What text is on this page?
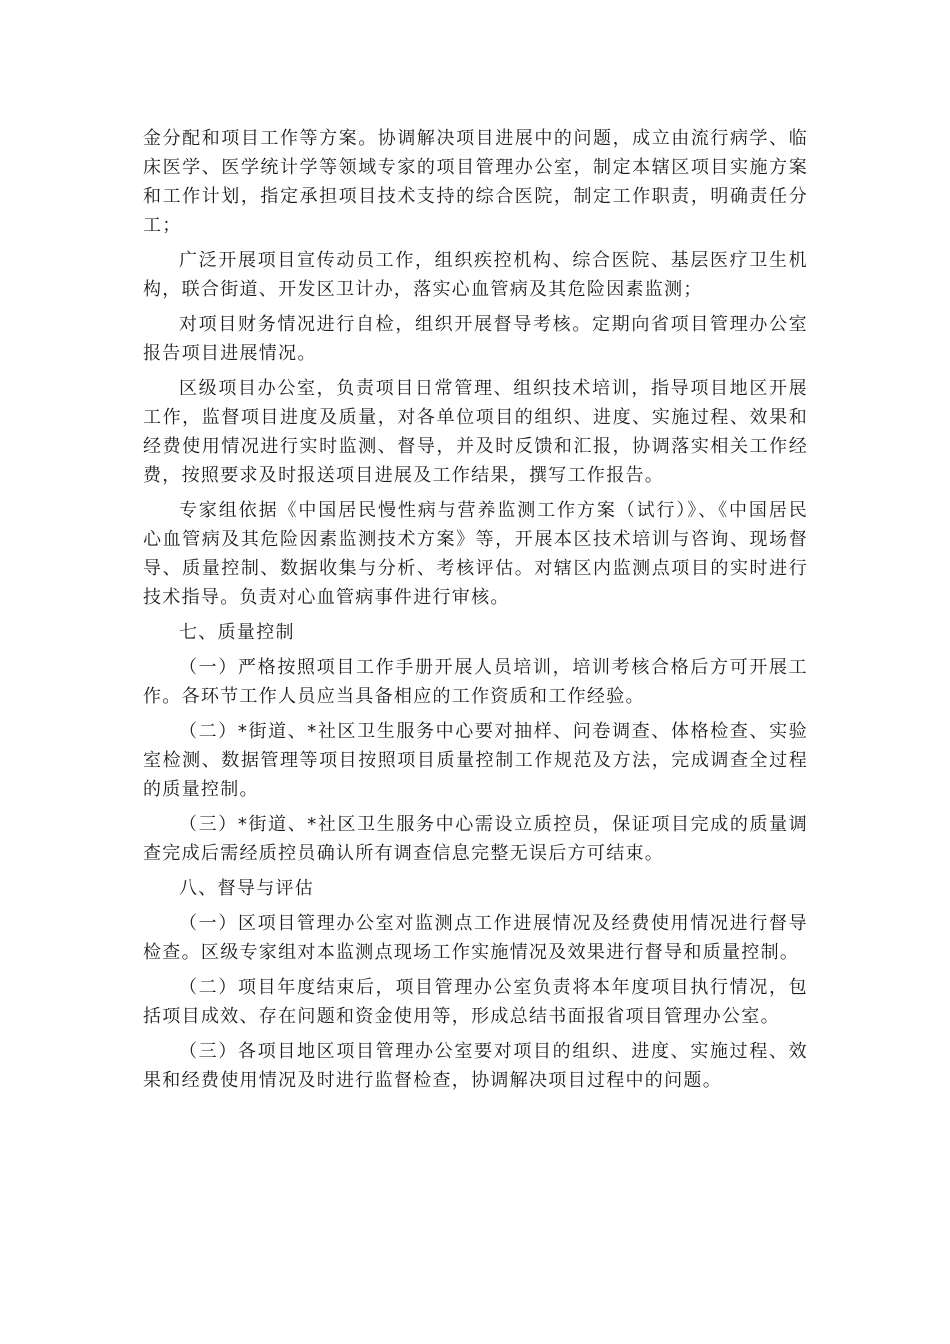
金分配和项目工作等方案。协调解决项目进展中的问题，成立由流行病学、临床医学、医学统计学等领域专家的项目管理办公室，制定本辖区项目实施方案和工作计划，指定承担项目技术支持的综合医院，制定工作职责，明确责任分工；

广泛开展项目宣传动员工作，组织疾控机构、综合医院、基层医疗卫生机构，联合街道、开发区卫计办，落实心血管病及其危险因素监测；

对项目财务情况进行自检，组织开展督导考核。定期向省项目管理办公室报告项目进展情况。

区级项目办公室，负责项目日常管理、组织技术培训，指导项目地区开展工作，监督项目进度及质量，对各单位项目的组织、进度、实施过程、效果和经费使用情况进行实时监测、督导，并及时反馈和汇报，协调落实相关工作经费，按照要求及时报送项目进展及工作结果，撰写工作报告。

专家组依据《中国居民慢性病与营养监测工作方案（试行）》、《中国居民心血管病及其危险因素监测技术方案》等，开展本区技术培训与咨询、现场督导、质量控制、数据收集与分析、考核评估。对辖区内监测点项目的实时进行技术指导。负责对心血管病事件进行审核。

七、质量控制

（一）严格按照项目工作手册开展人员培训，培训考核合格后方可开展工作。各环节工作人员应当具备相应的工作资质和工作经验。

（二）*街道、*社区卫生服务中心要对抽样、问卷调查、体格检查、实验室检测、数据管理等项目按照项目质量控制工作规范及方法，完成调查全过程的质量控制。

（三）*街道、*社区卫生服务中心需设立质控员，保证项目完成的质量调查完成后需经质控员确认所有调查信息完整无误后方可结束。

八、督导与评估

（一）区项目管理办公室对监测点工作进展情况及经费使用情况进行督导检查。区级专家组对本监测点现场工作实施情况及效果进行督导和质量控制。

（二）项目年度结束后，项目管理办公室负责将本年度项目执行情况，包括项目成效、存在问题和资金使用等，形成总结书面报省项目管理办公室。

（三）各项目地区项目管理办公室要对项目的组织、进度、实施过程、效果和经费使用情况及时进行监督检查，协调解决项目过程中的问题。
